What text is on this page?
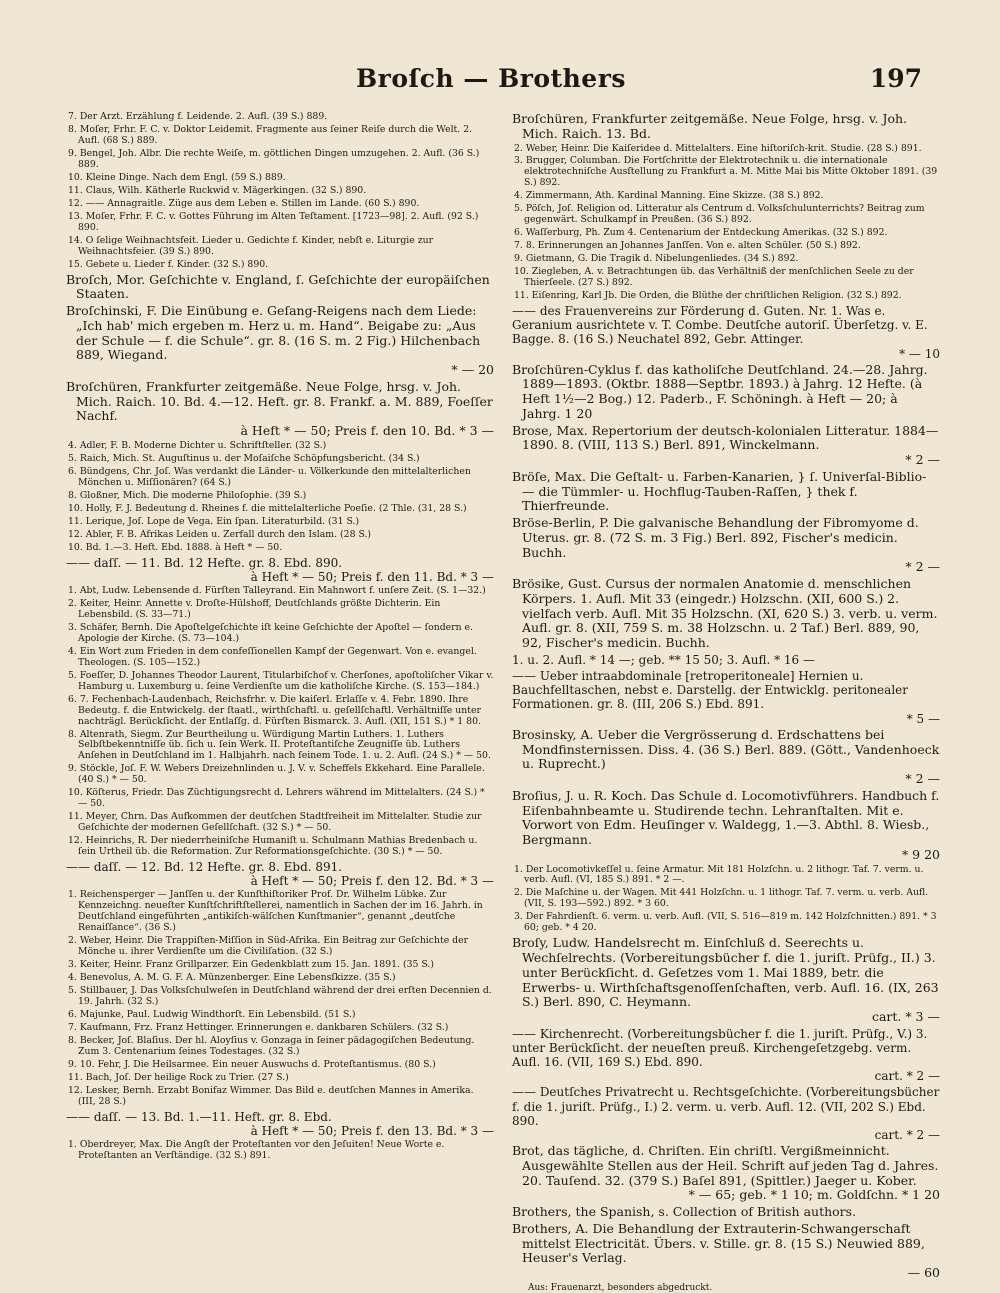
Broſch — Brothers	197
7. Der Arzt. Erzählung f. Leidende. 2. Aufl. (39 S.) 889.
8. Moſer, Frhr. F. C. v. Doktor Leidemit. Fragmente aus ſeiner Reiſe durch die Welt. 2. Aufl. (68 S.) 889.
9. Bengel, Joh. Albr. Die rechte Weiſe, m. göttlichen Dingen umzugehen. 2. Aufl. (36 S.) 889.
10. Kleine Dinge. Nach dem Engl. (59 S.) 889.
11. Claus, Wilh. Kätherle Ruckwid v. Mägerkingen. (32 S.) 890.
12. —— Annagraitle. Züge aus dem Leben e. Stillen im Lande. (60 S.) 890.
13. Moſer, Frhr. F. C. v. Gottes Führung im Alten Teſtament. [1723—98]. 2. Aufl. (92 S.) 890.
14. O ſelige Weihnachtsfeit. Lieder u. Gedichte f. Kinder, nebſt e. Liturgie zur Weihnachtsfeier. (39 S.) 890.
15. Gebete u. Lieder f. Kinder. (32 S.) 890.
Broſch, Mor. Geſchichte v. England, ſ. Geſchichte der europäiſchen Staaten.
Broſchinski, F. Die Einübung e. Geſang-Reigens nach dem Liede: „Ich hab' mich ergeben m. Herz u. m. Hand“. Beigabe zu: „Aus der Schule — f. die Schule“. gr. 8. (16 S. m. 2 Fig.) Hilchenbach 889, Wiegand.
* — 20
Broſchüren, Frankfurter zeitgemäße. Neue Folge, hrsg. v. Joh. Mich. Raich. 10. Bd. 4.—12. Heft. gr. 8. Frankf. a. M. 889, Foeſſer Nachf.
à Heft * — 50; Preis f. den 10. Bd. * 3 —
4. Adler, F. B. Moderne Dichter u. Schriftſteller. (32 S.)
5. Raich, Mich. St. Auguſtinus u. der Moſaiſche Schöpfungsbericht. (34 S.)
6. Bündgens, Chr. Joſ. Was verdankt die Länder- u. Völkerkunde den mittelalterlichen Mönchen u. Miſſionären? (64 S.)
8. Gloßner, Mich. Die moderne Philoſophie. (39 S.)
10. Holly, F. J. Bedeutung d. Rheines f. die mittelalterliche Poeſie. (2 Thle. (31, 28 S.)
11. Lerique, Joſ. Lope de Vega. Ein ſpan. Literaturbild. (31 S.)
12. Abler, F. B. Afrikas Leiden u. Zerfall durch den Islam. (28 S.)
10. Bd. 1.—3. Heft. Ebd. 1888. à Heft * — 50.
—— daſſ. — 11. Bd. 12 Hefte. gr. 8. Ebd. 890.
à Heft * — 50; Preis f. den 11. Bd. * 3 —
1. Abt, Ludw. Lebensende d. Fürſten Talleyrand. Ein Mahnwort f. unſere Zeit. (S. 1—32.)
2. Keiter, Heinr. Annette v. Droſte-Hülshoff, Deutſchlands größte Dichterin. Ein Lebensbild. (S. 33—71.)
3. Schäfer, Bernh. Die Apoſtelgeſchichte iſt keine Geſchichte der Apoſtel — ſondern e. Apologie der Kirche. (S. 73—104.)
4. Ein Wort zum Frieden in dem confeſſionellen Kampf der Gegenwart. Von e. evangel. Theologen. (S. 105—152.)
5. Foeſſer, D. Johannes Theodor Laurent, Titularbiſchof v. Cherſones, apoſtoliſcher Vikar v. Hamburg u. Luxemburg u. ſeine Verdienſte um die katholiſche Kirche. (S. 153—184.)
6. 7. Fechenbach-Laudenbach, Reichsfrhr. v. Die kaiſerl. Erlaſſe v. 4. Febr. 1890. Ihre Bedeutg. f. die Entwickelg. der ſtaatl., wirthſchaftl. u. geſellſchaftl. Verhältniſſe unter nachträgl. Berückſicht. der Entlaſſg. d. Fürſten Bismarck. 3. Aufl. (XII, 151 S.) * 1 80.
8. Altenrath, Siegm. Zur Beurtheilung u. Würdigung Martin Luthers. 1. Luthers Selbſtbekenntniſſe üb. ſich u. ſein Werk. II. Proteſtantiſche Zeugniſſe üb. Luthers Anſehen in Deutſchland im 1. Halbjahrh. nach ſeinem Tode. 1. u. 2. Aufl. (24 S.) * — 50.
9. Stöckle, Joſ. F. W. Webers Dreizehnlinden u. J. V. v. Scheffels Ekkehard. Eine Parallele. (40 S.) * — 50.
10. Köſterus, Friedr. Das Züchtigungsrecht d. Lehrers während im Mittelalters. (24 S.) * — 50.
11. Meyer, Chrn. Das Aufkommen der deutſchen Stadtfreiheit im Mittelalter. Studie zur Geſchichte der modernen Geſellſchaft. (32 S.) * — 50.
12. Heinrichs, R. Der niederrheiniſche Humaniſt u. Schulmann Mathias Bredenbach u. ſein Urtheil üb. die Reformation. Zur Reformationsgeſchichte. (30 S.) * — 50.
—— daſſ. — 12. Bd. 12 Hefte. gr. 8. Ebd. 891.
à Heft * — 50; Preis f. den 12. Bd. * 3 —
1. Reichensperger — Janſſen u. der Kunſthiſtoriker Prof. Dr. Wilhelm Lübke. Zur Kennzeichng. neueſter Kunſtſchriftſtellerei, namentlich in Sachen der im 16. Jahrh. in Deutſchland eingeführten „antikiſch-wälſchen Kunſtmanier“, genannt „deutſche Renaiſſance“. (36 S.)
2. Weber, Heinr. Die Trappiſten-Miſſion in Süd-Afrika. Ein Beitrag zur Geſchichte der Mönche u. ihrer Verdienſte um die Civiliſation. (32 S.)
3. Keiter, Heinr. Franz Grillparzer. Ein Gedenkblatt zum 15. Jan. 1891. (35 S.)
4. Benevolus, A. M. G. F. A. Münzenberger. Eine Lebensſkizze. (35 S.)
5. Stillbauer, J. Das Volksſchulweſen in Deutſchland während der drei erſten Decennien d. 19. Jahrh. (32 S.)
6. Majunke, Paul. Ludwig Windthorſt. Ein Lebensbild. (51 S.)
7. Kaufmann, Frz. Franz Hettinger. Erinnerungen e. dankbaren Schülers. (32 S.)
8. Becker, Joſ. Blaſius. Der hl. Aloyſius v. Gonzaga in ſeiner pädagogiſchen Bedeutung. Zum 3. Centenarium ſeines Todestages. (32 S.)
9. 10. Fehr, J. Die Heilsarmee. Ein neuer Auswuchs d. Proteſtantismus. (80 S.)
11. Bach, Joſ. Der heilige Rock zu Trier. (27 S.)
12. Lesker, Bernh. Erzabt Bonifaz Wimmer. Das Bild e. deutſchen Mannes in Amerika. (III, 28 S.)
—— daſſ. — 13. Bd. 1.—11. Heft. gr. 8. Ebd.
à Heft * — 50; Preis f. den 13. Bd. * 3 —
1. Oberdreyer, Max. Die Angſt der Proteſtanten vor den Jeſuiten! Neue Worte e. Proteſtanten an Verſtändige. (32 S.) 891.
Broſchüren, Frankfurter zeitgemäße. Neue Folge, hrsg. v. Joh. Mich. Raich. 13. Bd.
2. Weber, Heinr. Die Kaiſeridee d. Mittelalters. Eine hiſtoriſch-krit. Studie. (28 S.) 891.
3. Brugger, Columban. Die Fortſchritte der Elektrotechnik u. die internationale elektrotechniſche Ausſtellung zu Frankfurt a. M. Mitte Mai bis Mitte Oktober 1891. (39 S.) 892.
4. Zimmermann, Ath. Kardinal Manning. Eine Skizze. (38 S.) 892.
5. Pöſch, Joſ. Religion od. Litteratur als Centrum d. Volksſchulunterrichts? Beitrag zum gegenwärt. Schulkampf in Preußen. (36 S.) 892.
6. Waſſerburg, Ph. Zum 4. Centenarium der Entdeckung Amerikas. (32 S.) 892.
7. 8. Erinnerungen an Johannes Janſſen. Von e. alten Schüler. (50 S.) 892.
9. Gietmann, G. Die Tragik d. Nibelungenliedes. (34 S.) 892.
10. Ziegleben, A. v. Betrachtungen üb. das Verhältniß der menſchlichen Seele zu der Thierſeele. (27 S.) 892.
11. Eiſenring, Karl Jb. Die Orden, die Blüthe der chriſtlichen Religion. (32 S.) 892.
—— des Frauenvereins zur Förderung d. Guten. Nr. 1. Was e. Geranium ausrichtete v. T. Combe. Deutſche autoriſ. Überſetzg. v. E. Bagge. 8. (16 S.) Neuchatel 892, Gebr. Attinger.
* — 10
Broſchüren-Cyklus f. das katholiſche Deutſchland. 24.—28. Jahrg. 1889—1893. (Oktbr. 1888—Septbr. 1893.) à Jahrg. 12 Hefte. (à Heft 1½—2 Bog.) 12. Paderb., F. Schöningh. à Heft — 20; à Jahrg. 1 20
Brose, Max. Repertorium der deutsch-kolonialen Litteratur. 1884—1890. 8. (VIII, 113 S.) Berl. 891, Winckelmann.
* 2 —
Bröſe, Max. Die Geſtalt- u. Farben-Kanarien, } ſ. Univerſal-Biblio- — die Tümmler- u. Hochflug-Tauben-Raſſen, } thek f. Thierfreunde.
Bröse-Berlin, P. Die galvanische Behandlung der Fibromyome d. Uterus. gr. 8. (72 S. m. 3 Fig.) Berl. 892, Fischer's medicin. Buchh.
* 2 —
Brösike, Gust. Cursus der normalen Anatomie d. menschlichen Körpers. 1. Aufl. Mit 33 (eingedr.) Holzschn. (XII, 600 S.) 2. vielfach verb. Aufl. Mit 35 Holzschn. (XI, 620 S.) 3. verb. u. verm. Aufl. gr. 8. (XII, 759 S. m. 38 Holzschn. u. 2 Taf.) Berl. 889, 90, 92, Fischer's medicin. Buchh.
1. u. 2. Aufl. * 14 —; geb. ** 15 50; 3. Aufl. * 16 —
—— Ueber intraabdominale [retroperitoneale] Hernien u. Bauchfelltaschen, nebst e. Darstellg. der Entwicklg. peritonealer Formationen. gr. 8. (III, 206 S.) Ebd. 891.
* 5 —
Brosinsky, A. Ueber die Vergrösserung d. Erdschattens bei Mondfinsternissen. Diss. 4. (36 S.) Berl. 889. (Gött., Vandenhoeck u. Ruprecht.)
* 2 —
Broſius, J. u. R. Koch. Das Schule d. Locomotivführers. Handbuch f. Eiſenbahnbeamte u. Studirende techn. Lehranſtalten. Mit e. Vorwort von Edm. Heuſinger v. Waldegg, 1.—3. Abthl. 8. Wiesb., Bergmann.
* 9 20
1. Der Locomotivkeſſel u. ſeine Armatur. Mit 181 Holzſchn. u. 2 lithogr. Taf. 7. verm. u. verb. Aufl. (VI, 185 S.) 891. * 2 —.
2. Die Maſchine u. der Wagen. Mit 441 Holzſchn. u. 1 lithogr. Taf. 7. verm. u. verb. Aufl. (VII, S. 193—592.) 892. * 3 60.
3. Der Fahrdienſt. 6. verm. u. verb. Aufl. (VII, S. 516—819 m. 142 Holzſchnitten.) 891. * 3 60; geb. * 4 20.
Broſy, Ludw. Handelsrecht m. Einſchluß d. Seerechts u. Wechſelrechts. (Vorbereitungsbücher f. die 1. juriſt. Prüfg., II.) 3. unter Berückſicht. d. Geſetzes vom 1. Mai 1889, betr. die Erwerbs- u. Wirthſchaftsgenoſſenſchaften, verb. Aufl. 16. (IX, 263 S.) Berl. 890, C. Heymann.
cart. * 3 —
—— Kirchenrecht. (Vorbereitungsbücher f. die 1. juriſt. Prüfg., V.) 3. unter Berückſicht. der neueſten preuß. Kirchengeſetzgebg. verm. Aufl. 16. (VII, 169 S.) Ebd. 890.
cart. * 2 —
—— Deutſches Privatrecht u. Rechtsgeſchichte. (Vorbereitungsbücher f. die 1. juriſt. Prüfg., I.) 2. verm. u. verb. Aufl. 12. (VII, 202 S.) Ebd. 890.
cart. * 2 —
Brot, das tägliche, d. Chriſten. Ein chriſtl. Vergißmeinnicht. Ausgewählte Stellen aus der Heil. Schrift auf jeden Tag d. Jahres. 20. Tauſend. 32. (379 S.) Baſel 891, (Spittler.) Jaeger u. Kober.
* — 65; geb. * 1 10; m. Goldſchn. * 1 20
Brothers, the Spanish, s. Collection of British authors.
Brothers, A. Die Behandlung der Extrauterin-Schwangerschaft mittelst Electricität. Übers. v. Stille. gr. 8. (15 S.) Neuwied 889, Heuser's Verlag.
— 60
Aus: Frauenarzt, besonders abgedruckt.
